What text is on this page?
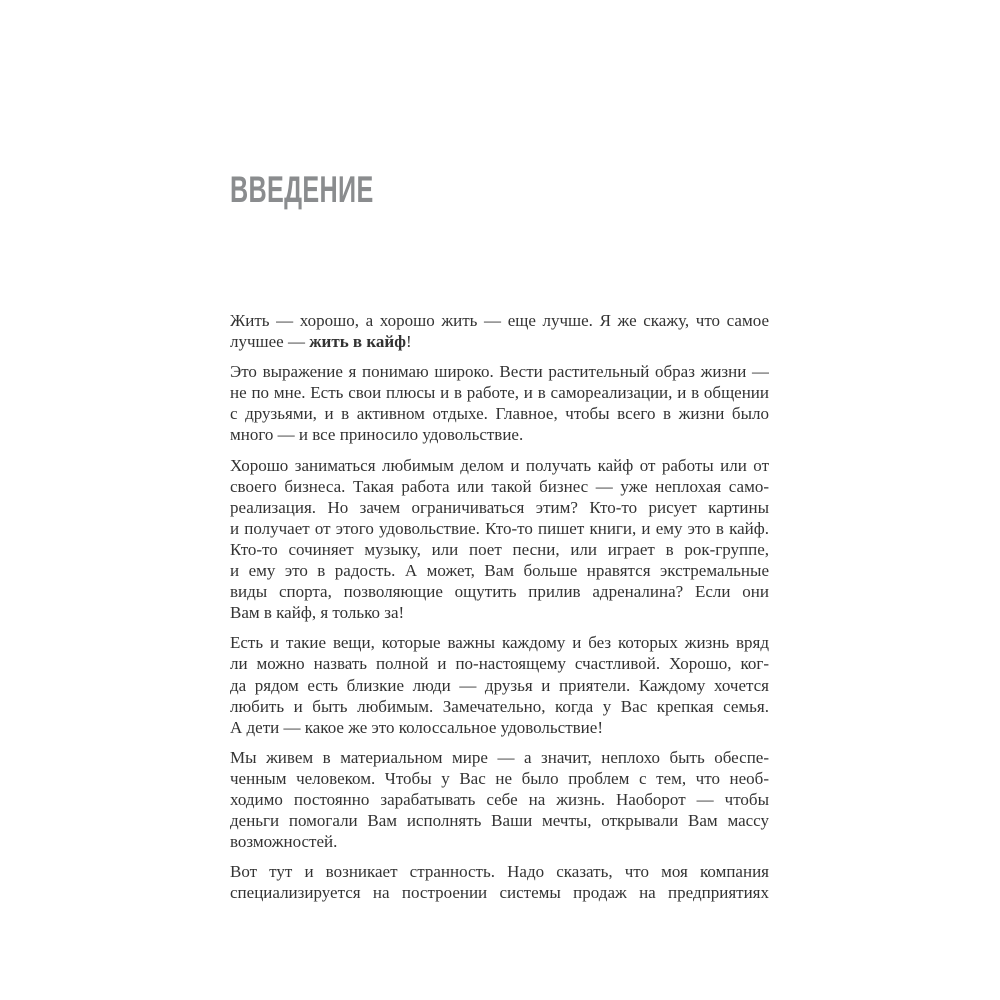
ВВЕДЕНИЕ
Жить — хорошо, а хорошо жить — еще лучше. Я же скажу, что самое
лучшее — жить в кайф!
Это выражение я понимаю широко. Вести растительный образ жизни —
не по мне. Есть свои плюсы и в работе, и в самореализации, и в общении
с друзьями, и в активном отдыхе. Главное, чтобы всего в жизни было
много — и все приносило удовольствие.
Хорошо заниматься любимым делом и получать кайф от работы или от
своего бизнеса. Такая работа или такой бизнес — уже неплохая само-
реализация. Но зачем ограничиваться этим? Кто-то рисует картины
и получает от этого удовольствие. Кто-то пишет книги, и ему это в кайф.
Кто-то сочиняет музыку, или поет песни, или играет в рок-группе,
и ему это в радость. А может, Вам больше нравятся экстремальные
виды спорта, позволяющие ощутить прилив адреналина? Если они
Вам в кайф, я только за!
Есть и такие вещи, которые важны каждому и без которых жизнь вряд
ли можно назвать полной и по-настоящему счастливой. Хорошо, ког-
да рядом есть близкие люди — друзья и приятели. Каждому хочется
любить и быть любимым. Замечательно, когда у Вас крепкая семья.
А дети — какое же это колоссальное удовольствие!
Мы живем в материальном мире — а значит, неплохо быть обеспе-
ченным человеком. Чтобы у Вас не было проблем с тем, что необ-
ходимо постоянно зарабатывать себе на жизнь. Наоборот — чтобы
деньги помогали Вам исполнять Ваши мечты, открывали Вам массу
возможностей.
Вот тут и возникает странность. Надо сказать, что моя компания
специализируется на построении системы продаж на предприятиях
